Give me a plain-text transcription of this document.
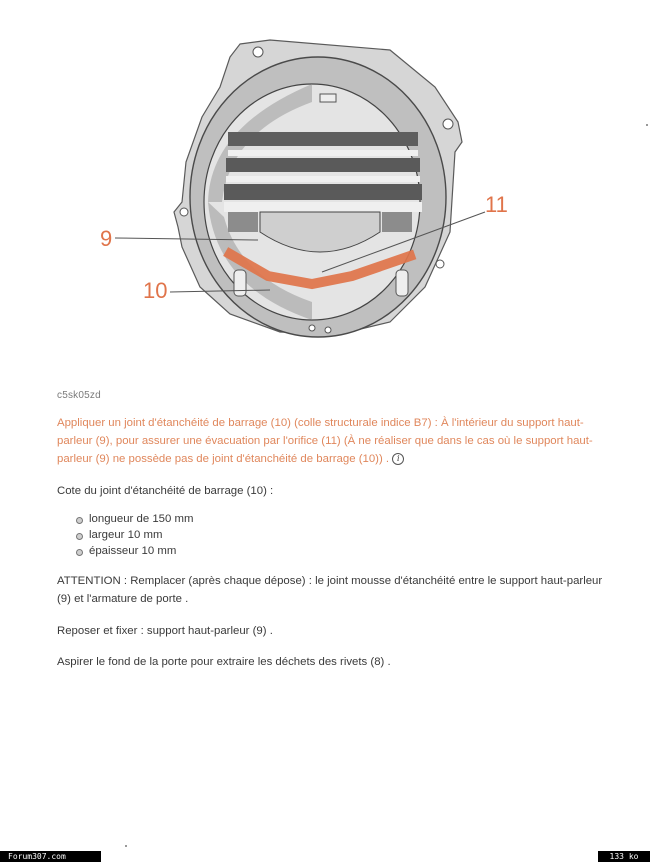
9
10
11
c5sk05zd
Appliquer un joint d'étanchéité de barrage (10) (colle structurale indice B7) : À l'intérieur du support haut-parleur (9), pour assurer une évacuation par l'orifice (11) (À ne réaliser que dans le cas où le support haut-parleur (9) ne possède pas de joint d'étanchéité de barrage (10)) . i
Cote du joint d'étanchéité de barrage (10) :
longueur de 150 mm
largeur 10 mm
épaisseur 10 mm
ATTENTION : Remplacer (après chaque dépose) : le joint mousse d'étanchéité entre le support haut-parleur (9) et l'armature de porte .
Reposer et fixer : support haut-parleur (9) .
Aspirer le fond de la porte pour extraire les déchets des rivets (8) .
Forum307.com	133 ko
